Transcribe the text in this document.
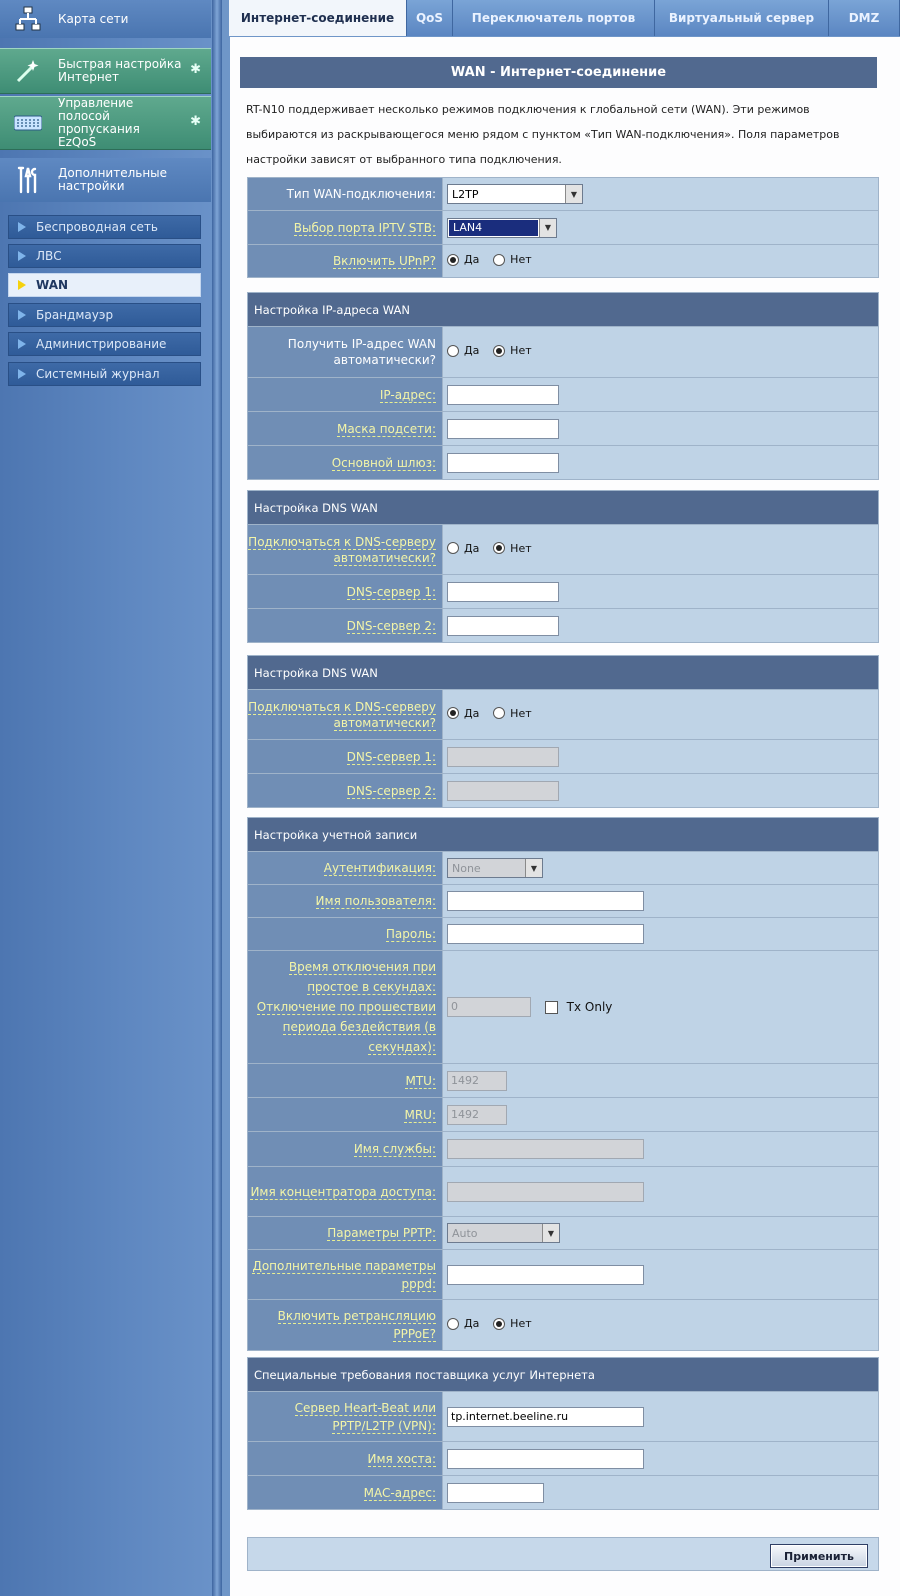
Карта сети
Быстрая настройка Интернет	✱
Управление полосой пропускания EzQoS
✱
Дополнительные настройки
Беспроводная сеть
ЛВС
WAN
Брандмауэр
Администрирование
Системный журнал
Интернет-соединение	QoS	Переключатель портов	Виртуальный сервер	DMZ
WAN - Интернет-соединение
RT-N10 поддерживает несколько режимов подключения к глобальной сети (WAN). Эти режимов выбираются из раскрывающегося меню рядом с пунктом «Тип WAN-подключения». Поля параметров настройки зависят от выбранного типа подключения.
Тип WAN-подключения:	L2TP ▼

Выбор порта IPTV STB:	LAN4 ▼

Включить UPnP?	Да
Нет
Настройка IP-адреса WAN	
Получить IP-адрес WAN автоматически?	Да
Нет

IP-адрес:	
Маска подсети:	
Основной шлюз:	
Настройка DNS WAN	
Подключаться к DNS-серверу автоматически?	Да
Нет

DNS-сервер 1:	
DNS-сервер 2:	
Настройка DNS WAN	
Подключаться к DNS-серверу автоматически?	Да
Нет

DNS-сервер 1:	
DNS-сервер 2:	
Настройка учетной записи	
Аутентификация:	None ▼

Имя пользователя:	
Пароль:	
Время отключения при простое в секундах: Отключение по прошествии периода бездействия (в секундах):	0 Tx Only
MTU:	1492
MRU:	1492
Имя службы:	
Имя концентратора доступа:	
Параметры PPTP:	Auto ▼

Дополнительные параметры pppd:	
Включить ретрансляцию PPPoE?	Да
Нет
Специальные требования поставщика услуг Интернета	
Сервер Heart-Beat или PPTP/L2TP (VPN):	tp.internet.beeline.ru
Имя хоста:	
MAC-адрес:	
Применить
